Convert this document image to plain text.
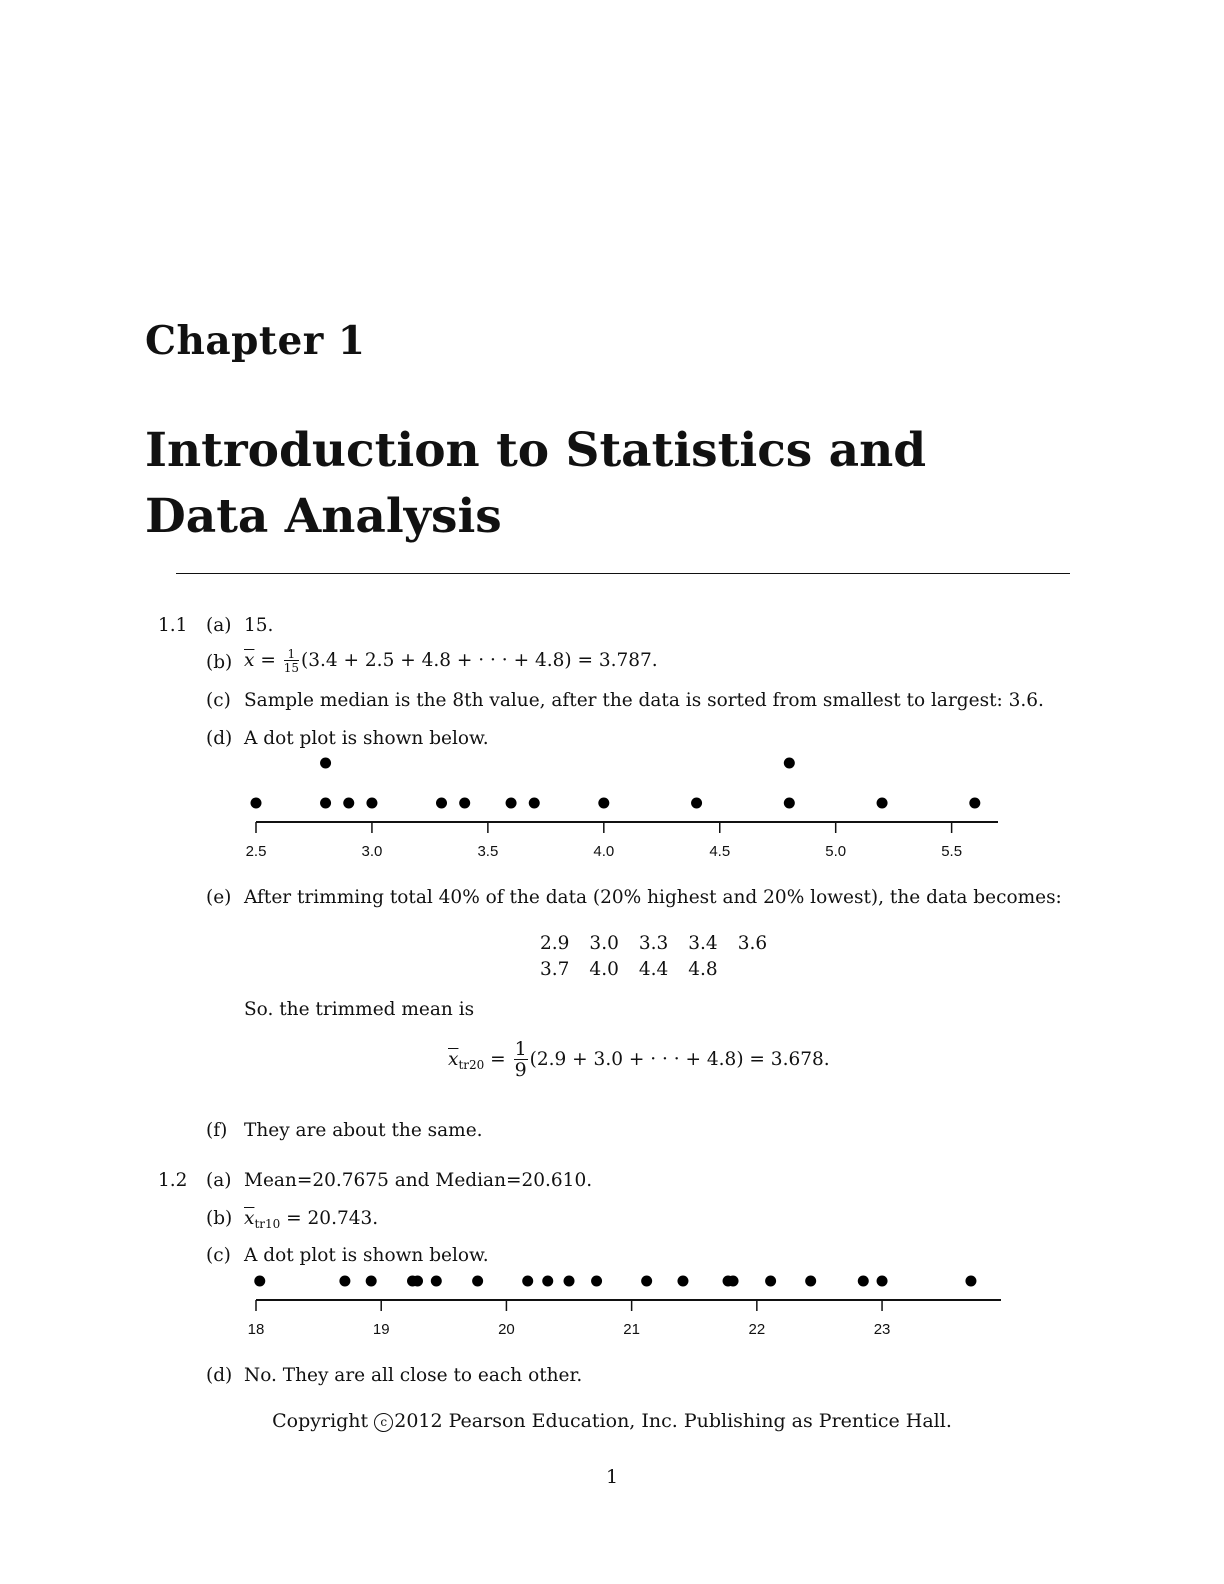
Chapter 1
Introduction to Statistics and Data Analysis
1.1 (a) 15.
(b) $\overline{x} = \frac{1}{15} (3.4 + 2.5 + 4.8$ + · · · + 4.8) = 3.787.
(c) Sample median is the 8th value, after the data is sorted from smallest to largest: 3.6.
(d) A dot plot is shown below.
2.5	3.0	3.5	4.0	4.5	5.0	5.5
(e) After trimming total 40% of the data (20% highest and 20% lowest), the data becomes:
2.9	3.0	3.3	3.4	3.6
3.7	4.0	4.4	4.8	
So. the trimmed mean is
$\overline{x}_{tr20} = \frac{1}{9} (2.9 + 3.0$ + · · · + 4.8) = 3.678.
(f) They are about the same.
1.2 (a) Mean=20.7675 and Median=20.610.
(b) $\overline{x}_{tr10} = 20.743$.
(c) A dot plot is shown below.
18	19	20	21	22	23
(d) No. They are all close to each other.
Copyright c 2012 Pearson Education, Inc. Publishing as Prentice Hall.
1
